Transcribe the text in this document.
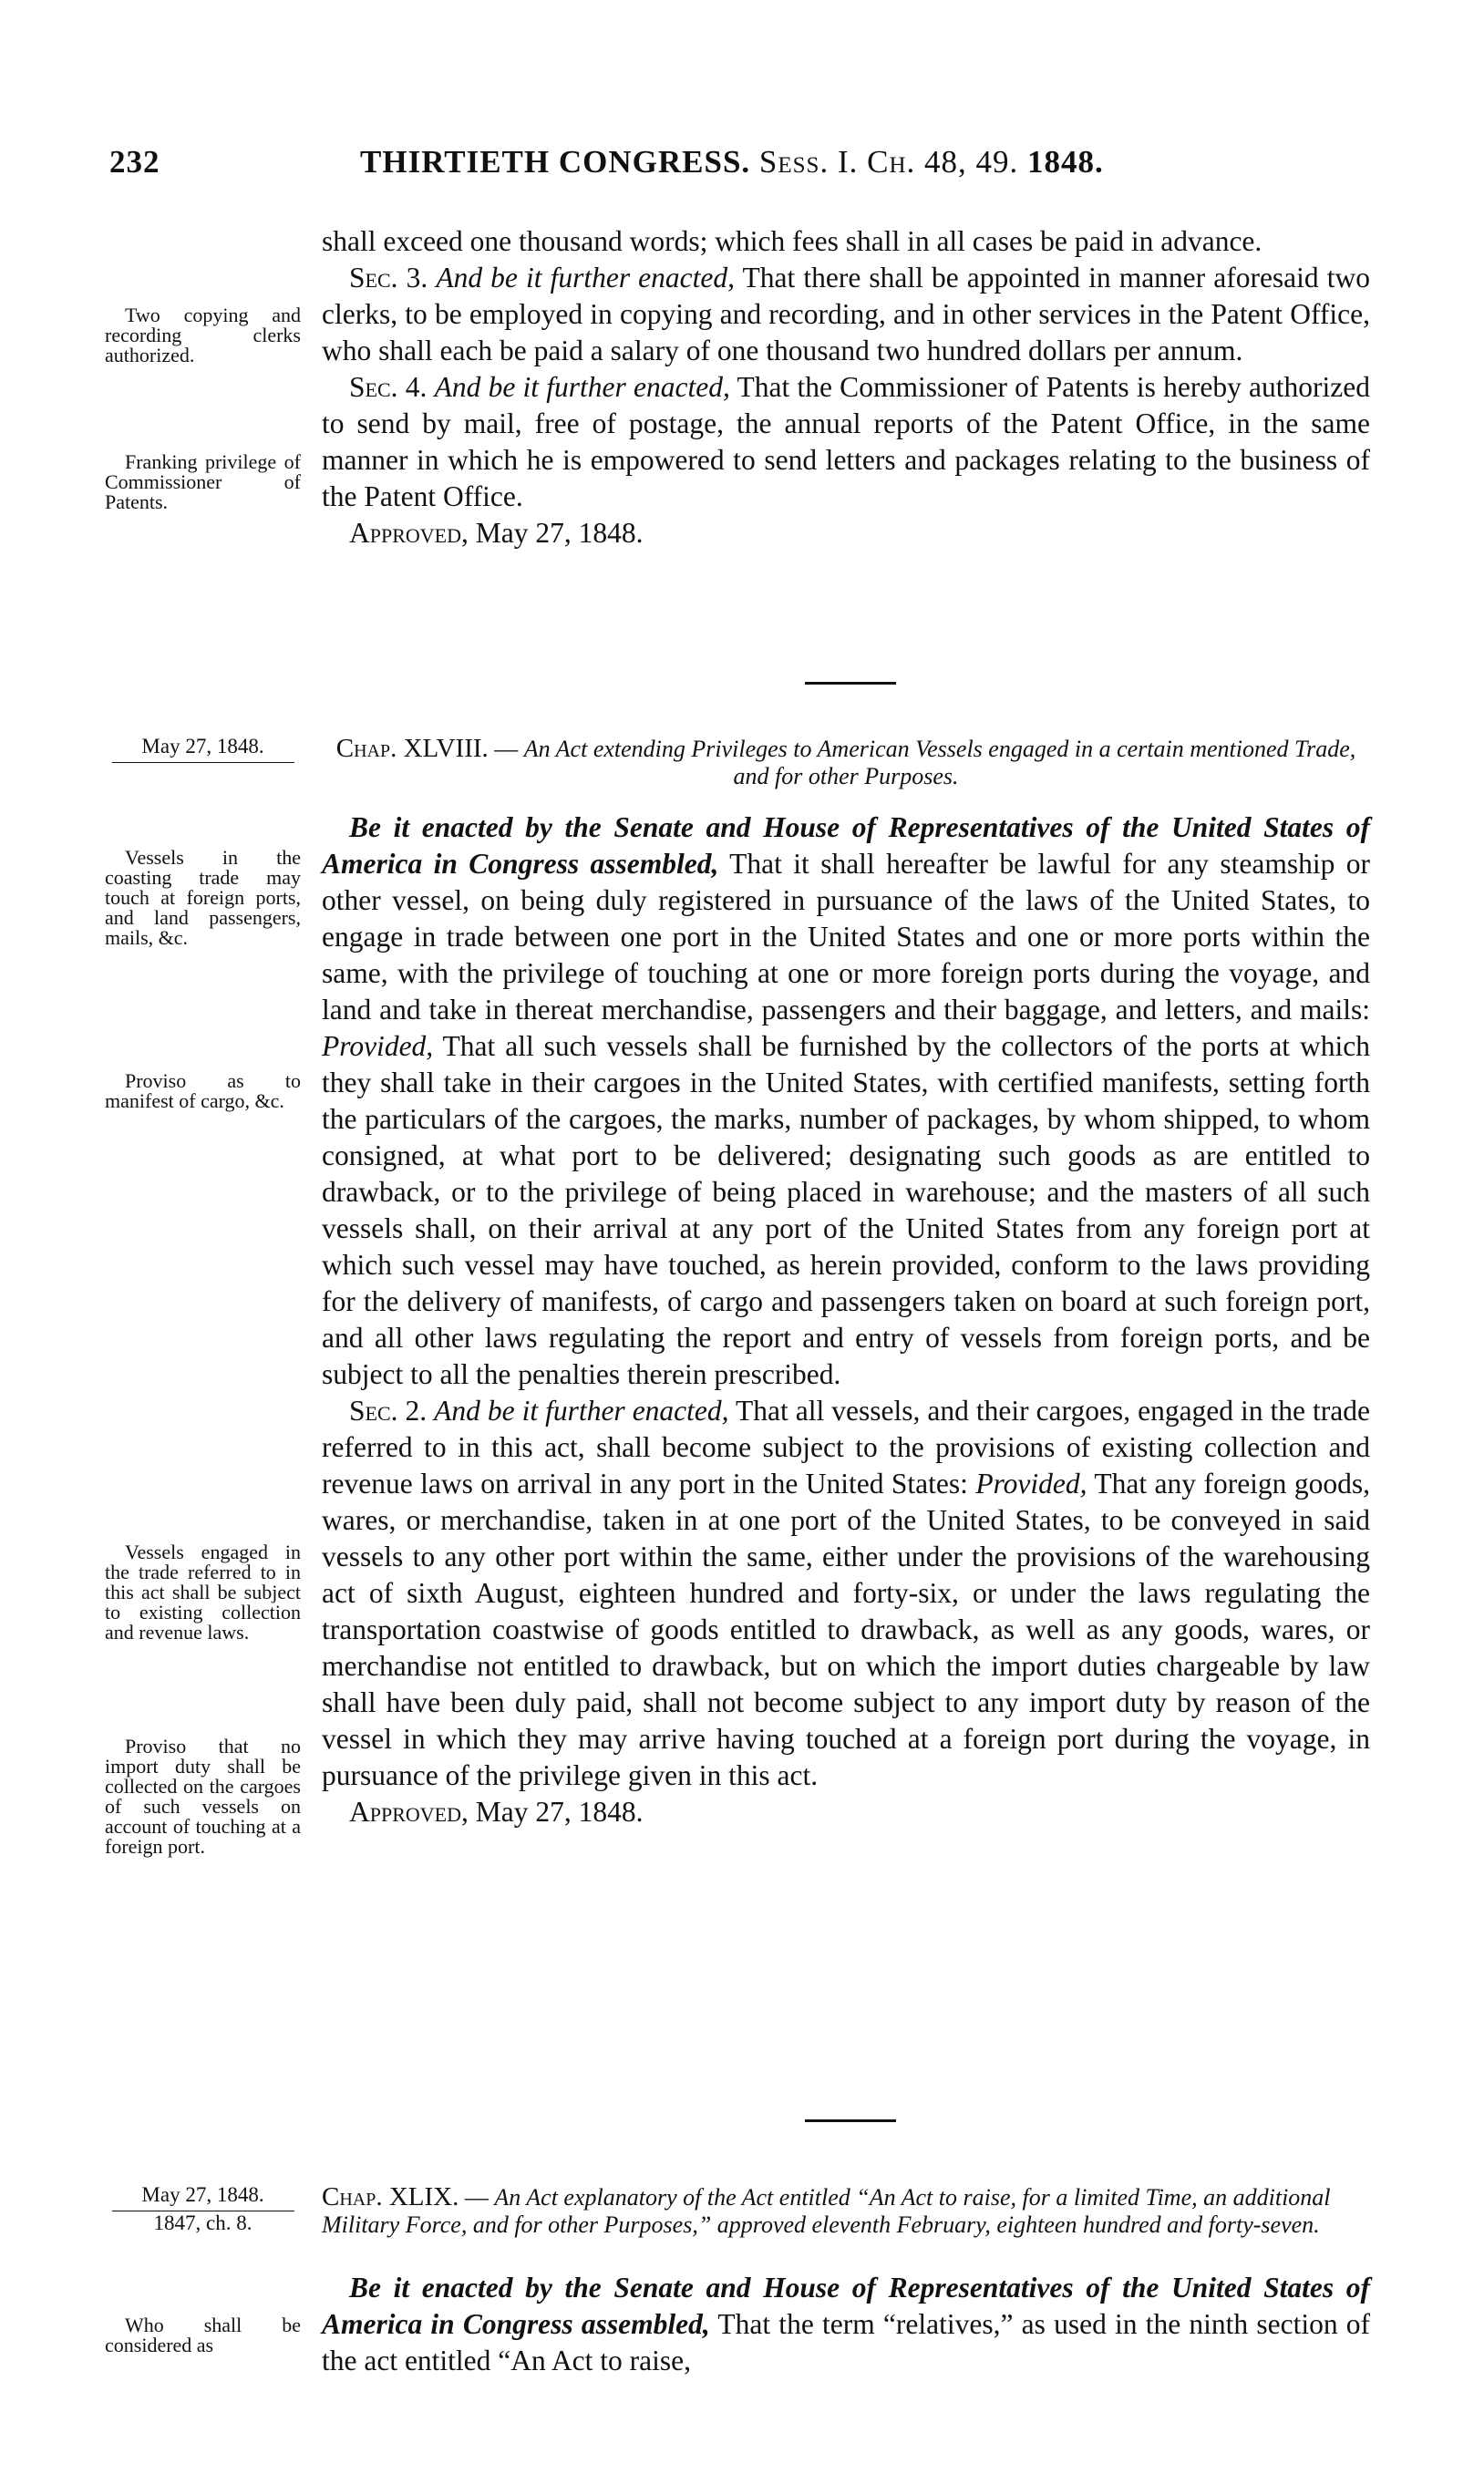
232	THIRTIETH CONGRESS. Sess. I. Ch. 48, 49. 1848.

shall exceed one thousand words; which fees shall in all cases be paid in advance.

Sec. 3. And be it further enacted, That there shall be appointed in manner aforesaid two clerks, to be employed in copying and recording, and in other services in the Patent Office, who shall each be paid a salary of one thousand two hundred dollars per annum.

Sec. 4. And be it further enacted, That the Commissioner of Patents is hereby authorized to send by mail, free of postage, the annual reports of the Patent Office, in the same manner in which he is empowered to send letters and packages relating to the business of the Patent Office.

Approved, May 27, 1848.

Two copying and recording clerks authorized.
Franking privilege of Commissioner of Patents.
May 27, 1848.	Chap. XLVIII. — An Act extending Privileges to American Vessels engaged in a certain mentioned Trade, and for other Purposes.

Be it enacted by the Senate and House of Representatives of the United States of America in Congress assembled, That it shall hereafter be lawful for any steamship or other vessel, on being duly registered in pursuance of the laws of the United States, to engage in trade between one port in the United States and one or more ports within the same, with the privilege of touching at one or more foreign ports during the voyage, and land and take in thereat merchandise, passengers and their baggage, and letters, and mails: Provided, That all such vessels shall be furnished by the collectors of the ports at which they shall take in their cargoes in the United States, with certified manifests, setting forth the particulars of the cargoes, the marks, number of packages, by whom shipped, to whom consigned, at what port to be delivered; designating such goods as are entitled to drawback, or to the privilege of being placed in warehouse; and the masters of all such vessels shall, on their arrival at any port of the United States from any foreign port at which such vessel may have touched, as herein provided, conform to the laws providing for the delivery of manifests, of cargo and passengers taken on board at such foreign port, and all other laws regulating the report and entry of vessels from foreign ports, and be subject to all the penalties therein prescribed.

Sec. 2. And be it further enacted, That all vessels, and their cargoes, engaged in the trade referred to in this act, shall become subject to the provisions of existing collection and revenue laws on arrival in any port in the United States: Provided, That any foreign goods, wares, or merchandise, taken in at one port of the United States, to be conveyed in said vessels to any other port within the same, either under the provisions of the warehousing act of sixth August, eighteen hundred and forty-six, or under the laws regulating the transportation coastwise of goods entitled to drawback, as well as any goods, wares, or merchandise not entitled to drawback, but on which the import duties chargeable by law shall have been duly paid, shall not become subject to any import duty by reason of the vessel in which they may arrive having touched at a foreign port during the voyage, in pursuance of the privilege given in this act.

Approved, May 27, 1848.

Vessels in the coasting trade may touch at foreign ports, and land passengers, mails, &c.
Proviso as to manifest of cargo, &c.
Vessels engaged in the trade referred to in this act shall be subject to existing collection and revenue laws.
Proviso that no import duty shall be collected on the cargoes of such vessels on account of touching at a foreign port.
May 27, 1848.
1847, ch. 8.
Chap. XLIX. — An Act explanatory of the Act entitled “An Act to raise, for a limited Time, an additional Military Force, and for other Purposes,” approved eleventh February, eighteen hundred and forty-seven.

Be it enacted by the Senate and House of Representatives of the United States of America in Congress assembled, That the term “relatives,” as used in the ninth section of the act entitled “An Act to raise,

Who shall be considered as
